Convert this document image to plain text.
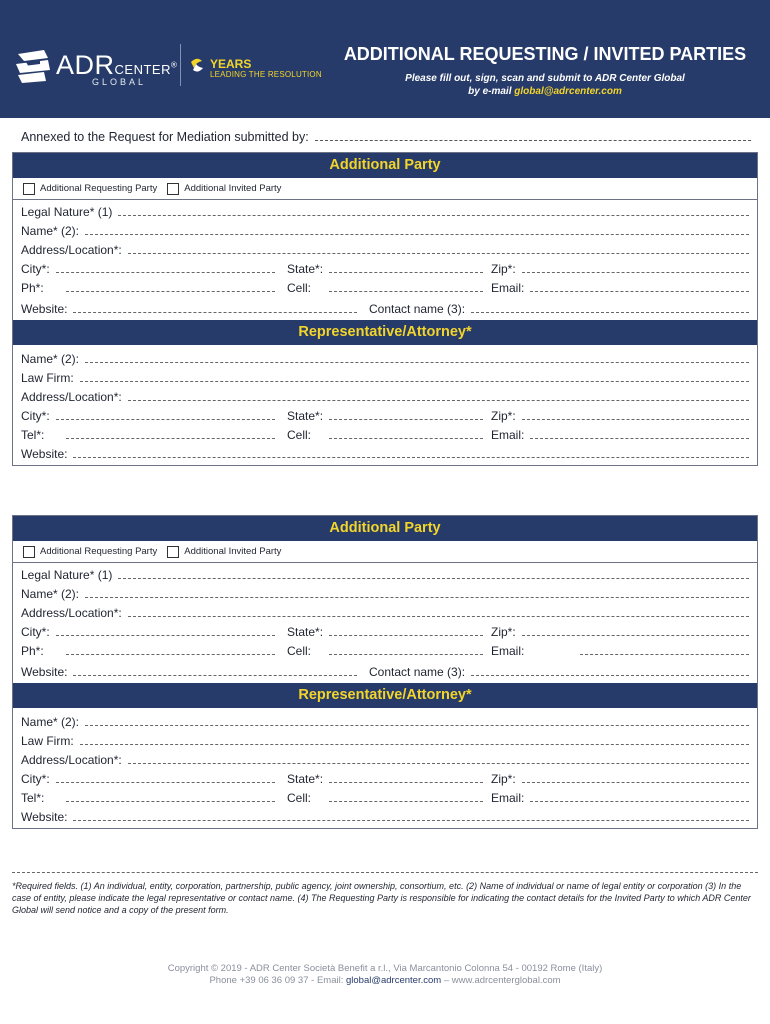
ADRCENTER®
GLOBAL
YEARS
LEADING THE RESOLUTION
ADDITIONAL REQUESTING / INVITED PARTIES
Please fill out, sign, scan and submit to ADR Center Global
by e-mail global@adrcenter.com
Annexed to the Request for Mediation submitted by:
Additional Party
Additional Requesting Party	Additional Invited Party
Legal Nature* (1)
Name* (2):
Address/Location*:
City*:	State*:	Zip*:
Ph*:	Cell:	Email:
Website:	Contact name (3):
Representative/Attorney*
Name* (2):
Law Firm:
Address/Location*:
City*:	State*:	Zip*:
Tel*:	Cell:	Email:
Website:
Additional Party
Additional Requesting Party	Additional Invited Party
Legal Nature* (1)
Name* (2):
Address/Location*:
City*:	State*:	Zip*:
Ph*:	Cell:	Email:
Website:	Contact name (3):
Representative/Attorney*
Name* (2):
Law Firm:
Address/Location*:
City*:	State*:	Zip*:
Tel*:	Cell:	Email:
Website:
*Required fields. (1) An individual, entity, corporation, partnership, public agency, joint ownership, consortium, etc. (2) Name of individual or name of legal entity or corporation (3) In the case of entity, please indicate the legal representative or contact name. (4) The Requesting Party is responsible for indicating the contact details for the Invited Party to which ADR Center Global will send notice and a copy of the present form.
Copyright © 2019 - ADR Center Società Benefit a r.l., Via Marcantonio Colonna 54 - 00192 Rome (Italy)
Phone +39 06 36 09 37 - Email: global@adrcenter.com – www.adrcenterglobal.com
